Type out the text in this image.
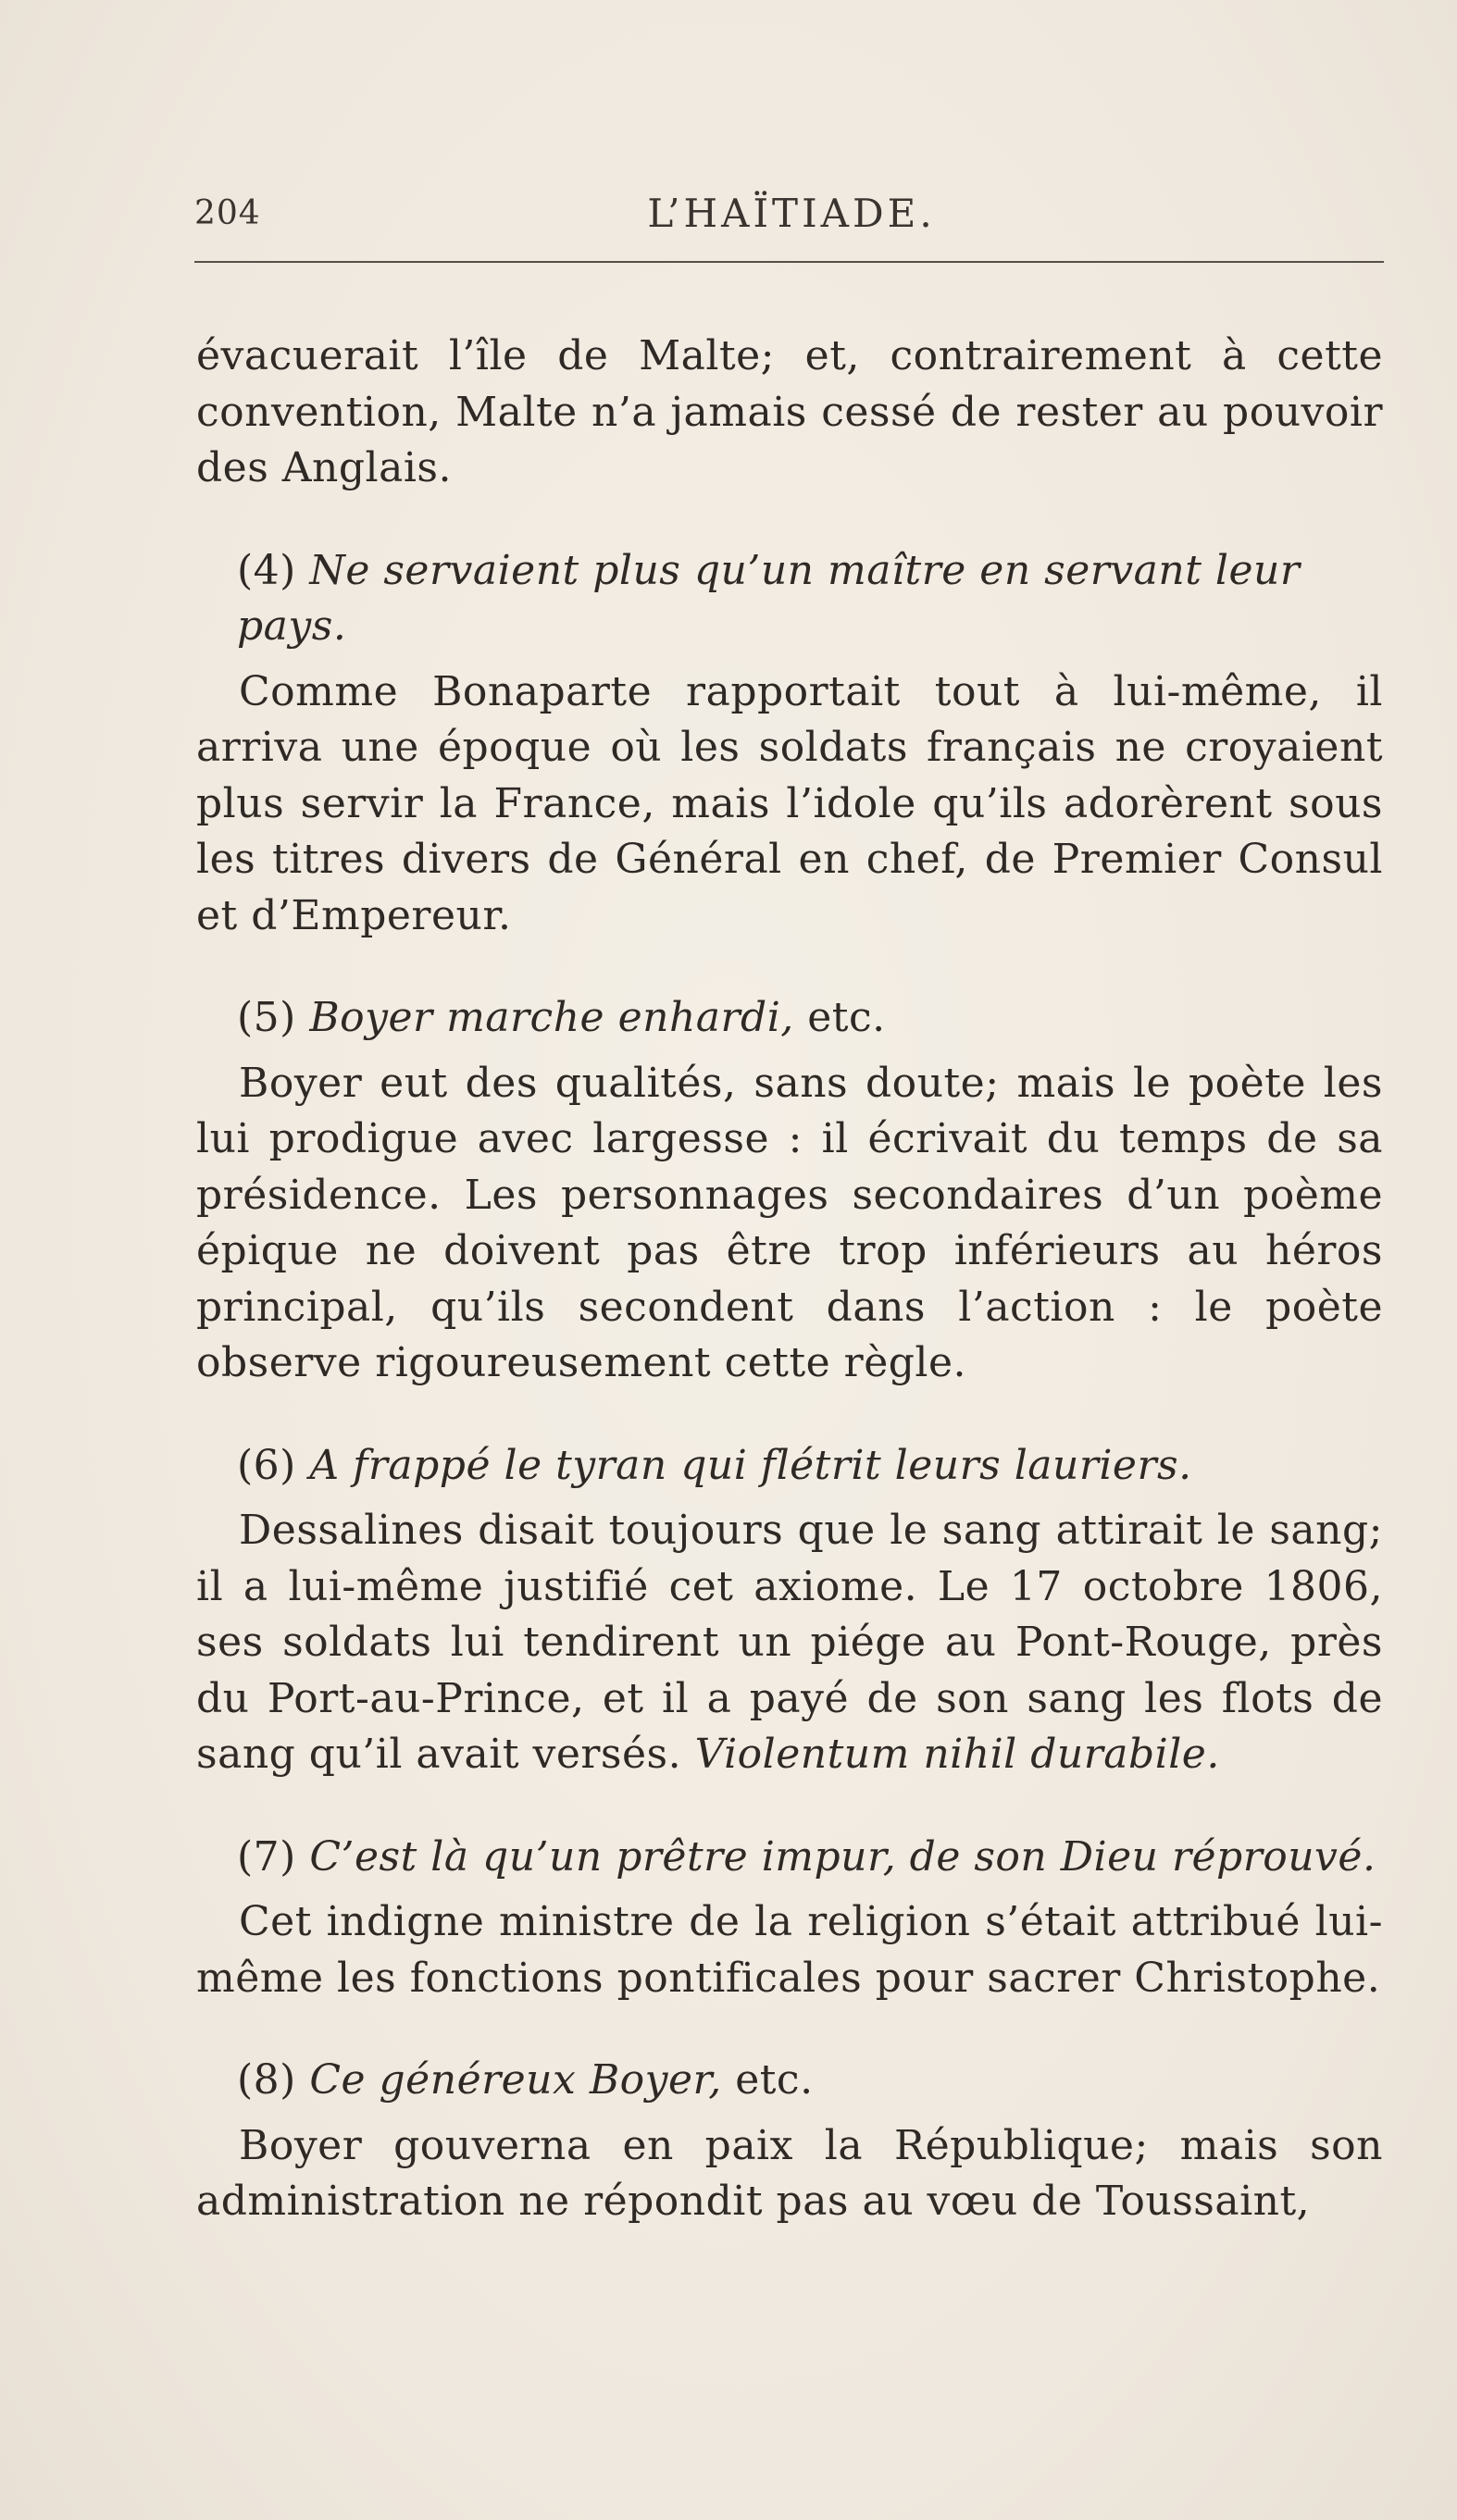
204	L’HAÏTIADE.

évacuerait l’île de Malte; et, contrairement à cette convention, Malte n’a jamais cessé de rester au pouvoir des Anglais.

(4) Ne servaient plus qu’un maître en servant leur pays.

Comme Bonaparte rapportait tout à lui-même, il arriva une époque où les soldats français ne croyaient plus servir la France, mais l’idole qu’ils adorèrent sous les titres divers de Général en chef, de Premier Consul et d’Empereur.

(5) Boyer marche enhardi, etc.

Boyer eut des qualités, sans doute; mais le poète les lui prodigue avec largesse : il écrivait du temps de sa présidence. Les personnages secondaires d’un poème épique ne doivent pas être trop inférieurs au héros principal, qu’ils secondent dans l’action : le poète observe rigoureusement cette règle.

(6) A frappé le tyran qui flétrit leurs lauriers.

Dessalines disait toujours que le sang attirait le sang; il a lui-même justifié cet axiome. Le 17 octobre 1806, ses soldats lui tendirent un piége au Pont-Rouge, près du Port-au-Prince, et il a payé de son sang les flots de sang qu’il avait versés. Violentum nihil durabile.

(7) C’est là qu’un prêtre impur, de son Dieu réprouvé.

Cet indigne ministre de la religion s’était attribué lui-même les fonctions pontificales pour sacrer Christophe.

(8) Ce généreux Boyer, etc.

Boyer gouverna en paix la République; mais son administration ne répondit pas au vœu de Toussaint,
